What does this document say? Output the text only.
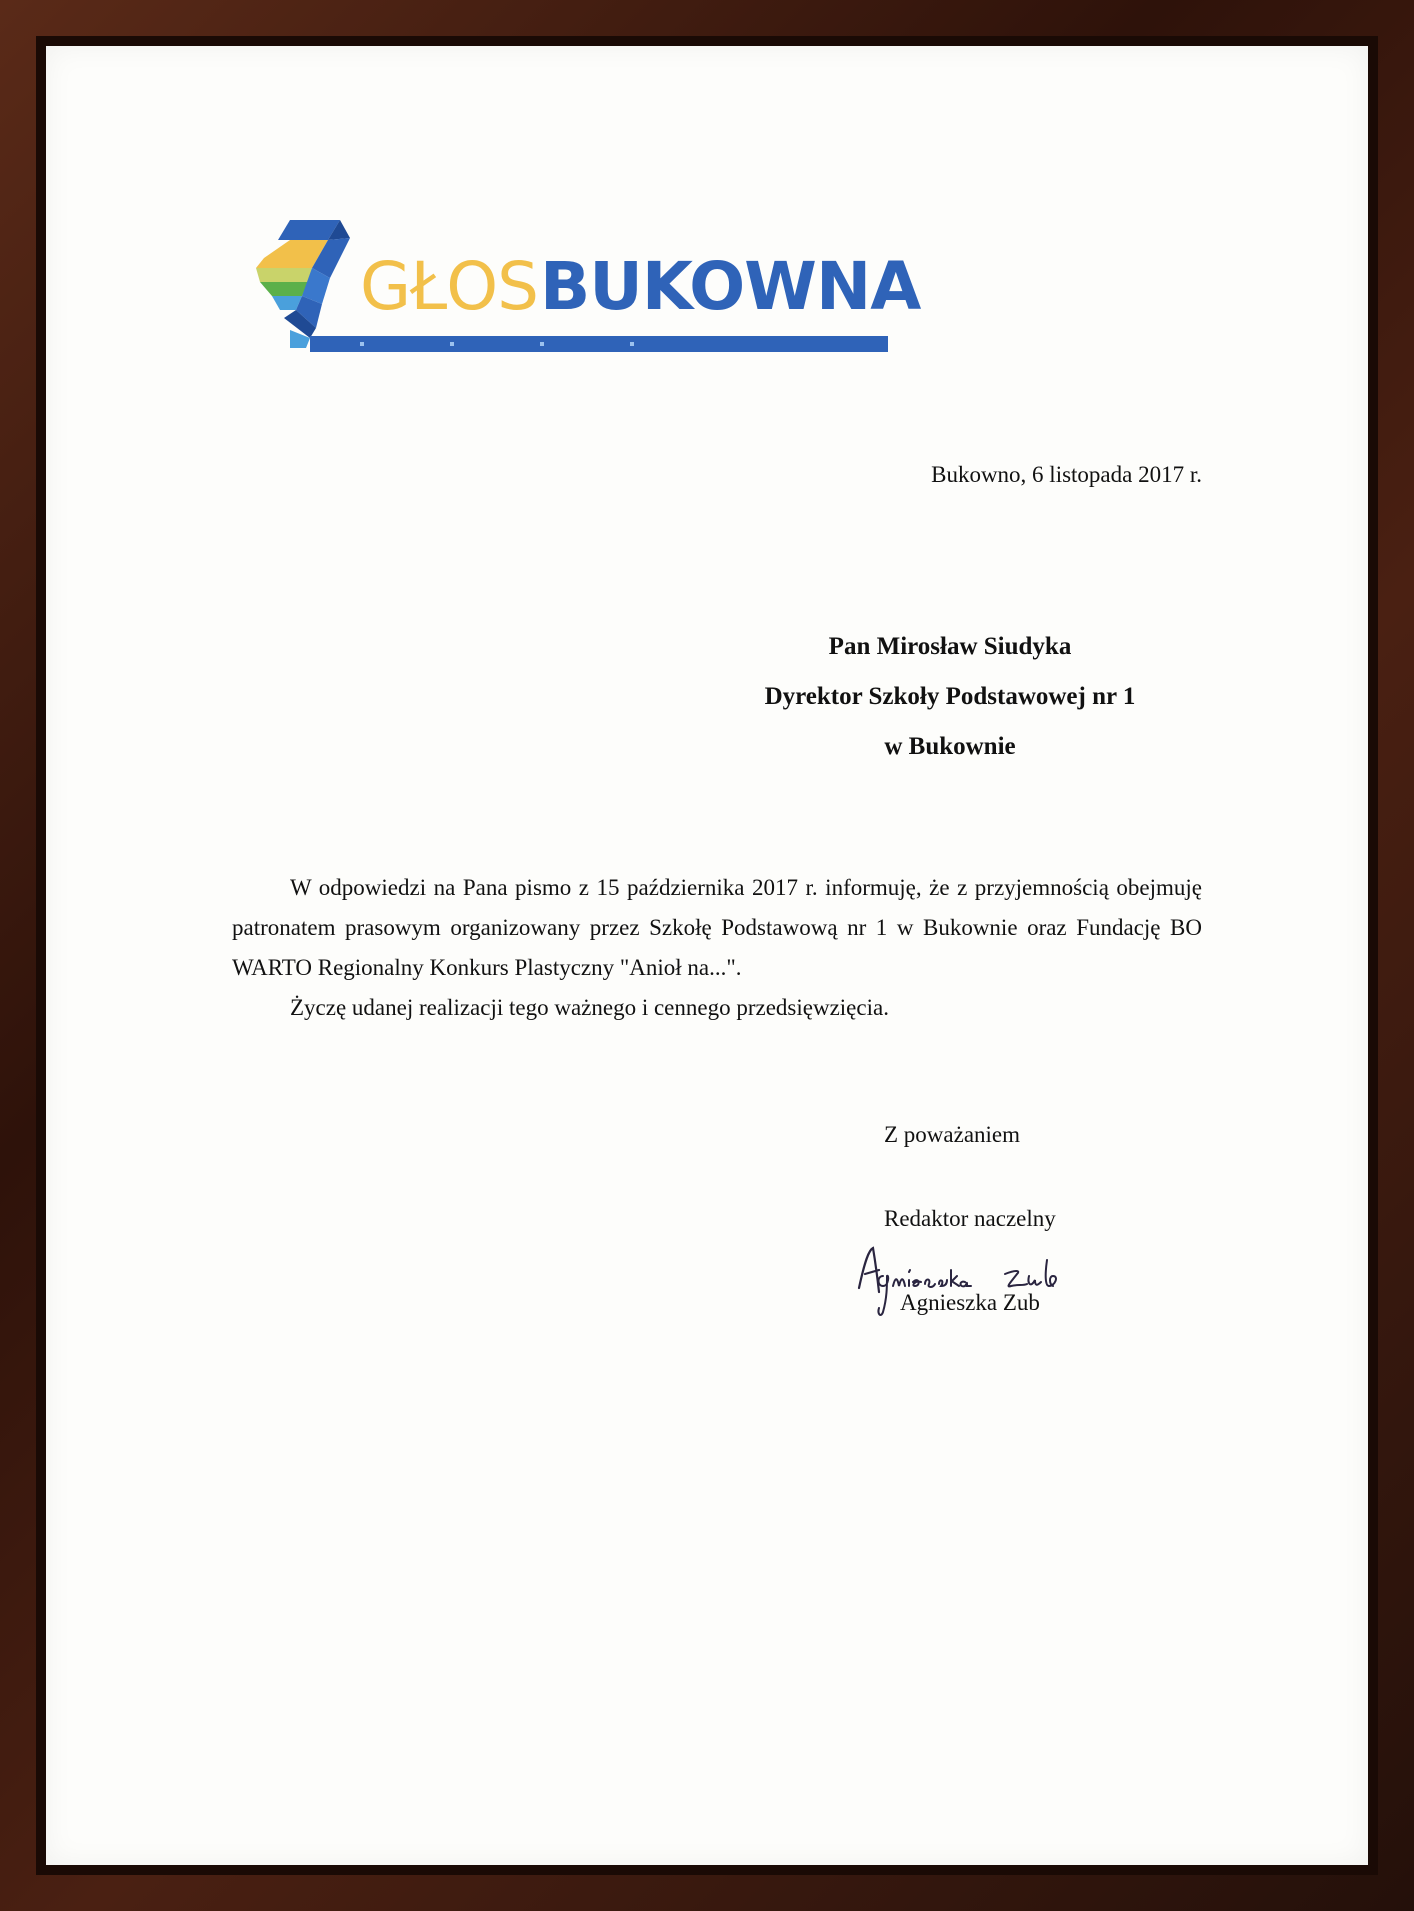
GŁOS BUKOWNA
Bukowno, 6 listopada 2017 r.
Pan Mirosław Siudyka
Dyrektor Szkoły Podstawowej nr 1
w Bukownie

W odpowiedzi na Pana pismo z 15 października 2017 r. informuję, że z przyjemnością obejmuję patronatem prasowym organizowany przez Szkołę Podstawową nr 1 w Bukownie oraz Fundację BO WARTO Regionalny Konkurs Plastyczny "Anioł na...".

Życzę udanej realizacji tego ważnego i cennego przedsięwzięcia.

Z poważaniem
Redaktor naczelny
Agnieszka Zub
